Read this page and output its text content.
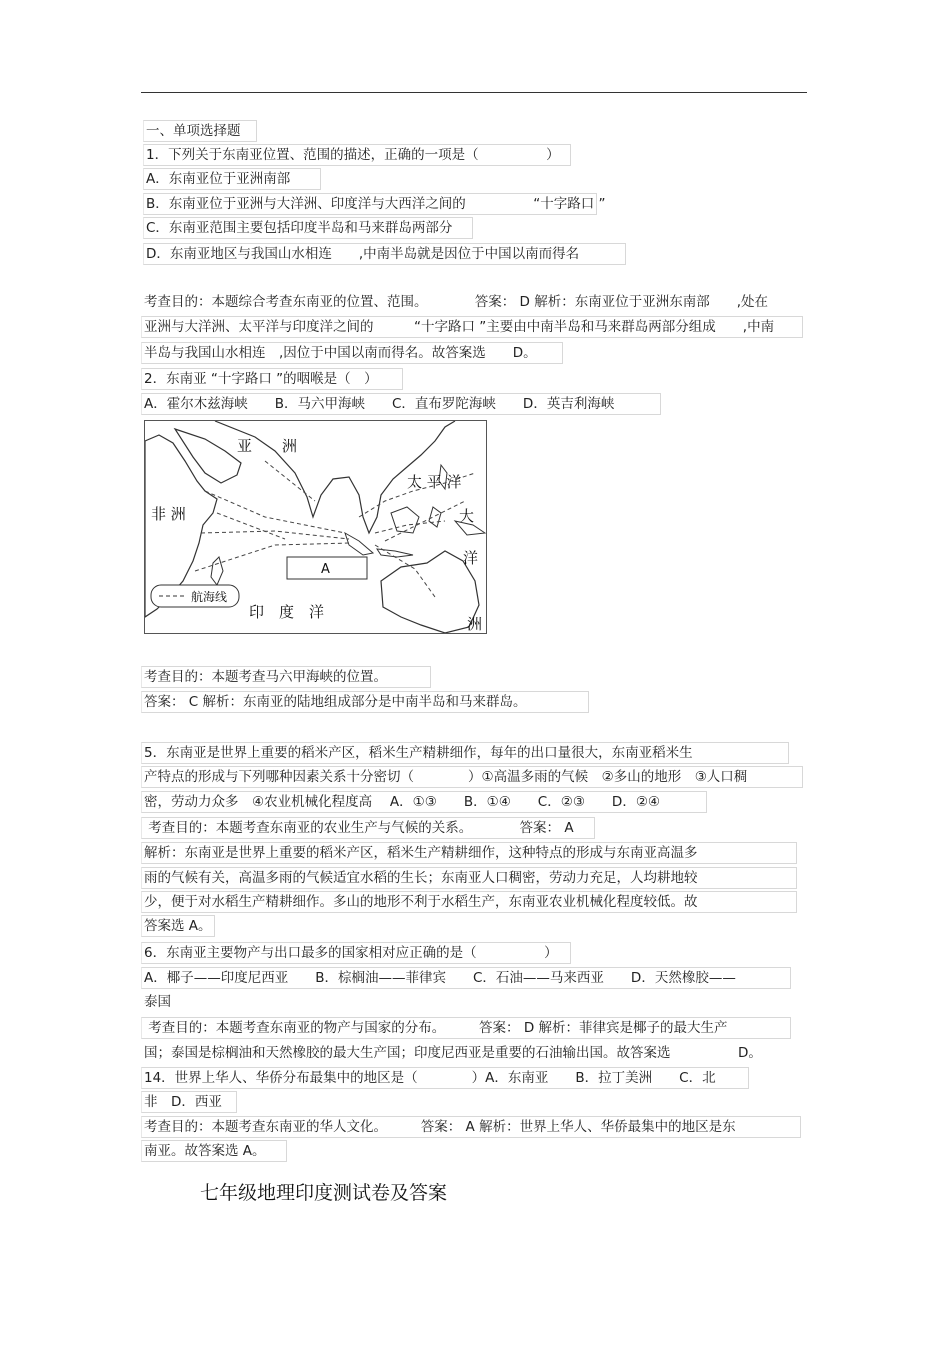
一、单项选择题
1．下列关于东南亚位置、范围的描述，正确的一项是（　　　　　）
A．东南亚位于亚洲南部
B．东南亚位于亚洲与大洋洲、印度洋与大西洋之间的　　　　　“十字路口 ”
C．东南亚范围主要包括印度半岛和马来群岛两部分
D．东南亚地区与我国山水相连　　,中南半岛就是因位于中国以南而得名
考查目的：本题综合考查东南亚的位置、范围。　　　　答案： D 解析：东南亚位于亚洲东南部　　,处在
亚洲与大洋洲、太平洋与印度洋之间的　　　“十字路口 ”主要由中南半岛和马来群岛两部分组成　　,中南
半岛与我国山水相连　,因位于中国以南而得名。故答案选　　D。
2．东南亚 “十字路口 ”的咽喉是（　）
A．霍尔木兹海峡　　B．马六甲海峡　　C．直布罗陀海峡　　D．英吉利海峡
亚　　洲
非 洲
太 平 洋
大
洋
洲
印　度　洋
A
航海线
考查目的：本题考查马六甲海峡的位置。
答案： C 解析：东南亚的陆地组成部分是中南半岛和马来群岛。
5．东南亚是世界上重要的稻米产区，稻米生产精耕细作，每年的出口量很大，东南亚稻米生
产特点的形成与下列哪种因素关系十分密切（　　　　）①高温多雨的气候　②多山的地形　③人口稠
密，劳动力众多　④农业机械化程度高　 A．①③　　B．①④　　C．②③　　D．②④
考查目的：本题考查东南亚的农业生产与气候的关系。　　　　答案： A
解析：东南亚是世界上重要的稻米产区，稻米生产精耕细作，这种特点的形成与东南亚高温多
雨的气候有关，高温多雨的气候适宜水稻的生长；东南亚人口稠密，劳动力充足，人均耕地较
少，便于对水稻生产精耕细作。多山的地形不利于水稻生产，东南亚农业机械化程度较低。故
答案选 A。
6．东南亚主要物产与出口最多的国家相对应正确的是（　　　　　）
A．椰子——印度尼西亚　　B．棕榈油——菲律宾　　C．石油——马来西亚　　D．天然橡胶——
泰国
考查目的：本题考查东南亚的物产与国家的分布。　　　答案： D 解析：菲律宾是椰子的最大生产
国；泰国是棕榈油和天然橡胶的最大生产国；印度尼西亚是重要的石油输出国。故答案选　　　　　D。
14．世界上华人、华侨分布最集中的地区是（　　　　）A．东南亚　　B．拉丁美洲　　C．北
非　D．西亚
考查目的：本题考查东南亚的华人文化。　　　答案： A 解析：世界上华人、华侨最集中的地区是东
南亚。故答案选 A。
七年级地理印度测试卷及答案
